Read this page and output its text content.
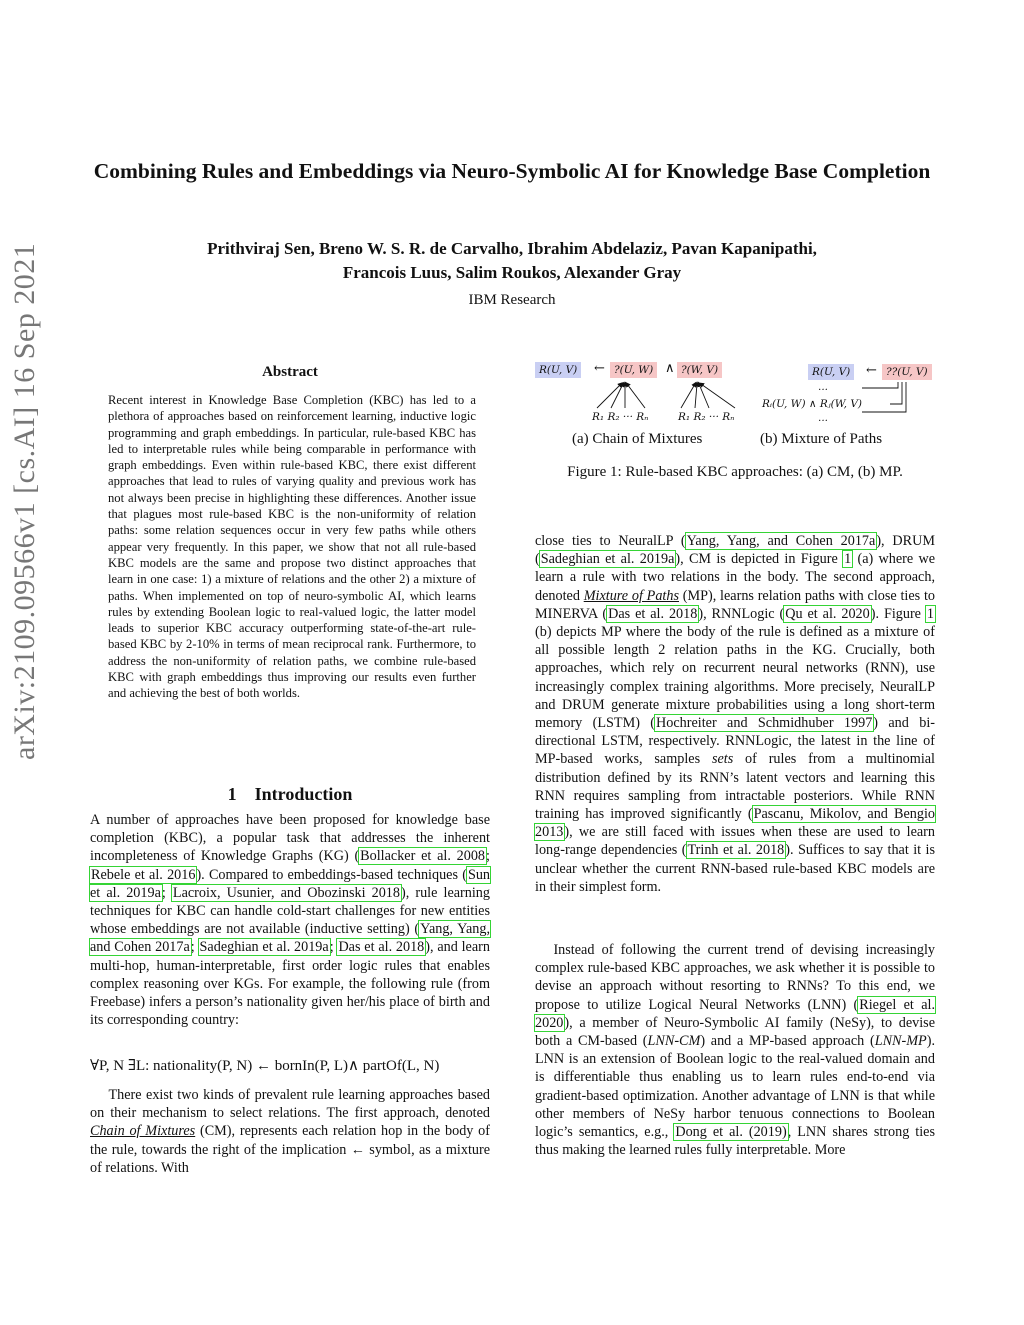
arXiv:2109.09566v1 [cs.AI] 16 Sep 2021
Combining Rules and Embeddings via Neuro-Symbolic AI for Knowledge Base Completion
Prithviraj Sen, Breno W. S. R. de Carvalho, Ibrahim Abdelaziz, Pavan Kapanipathi,
Francois Luus, Salim Roukos, Alexander Gray
IBM Research
Abstract
Recent interest in Knowledge Base Completion (KBC) has led to a plethora of approaches based on reinforcement learning, inductive logic programming and graph embeddings. In particular, rule-based KBC has led to interpretable rules while being comparable in performance with graph embeddings. Even within rule-based KBC, there exist different approaches that lead to rules of varying quality and previous work has not always been precise in highlighting these differences. Another issue that plagues most rule-based KBC is the non-uniformity of relation paths: some relation sequences occur in very few paths while others appear very frequently. In this paper, we show that not all rule-based KBC models are the same and propose two distinct approaches that learn in one case: 1) a mixture of relations and the other 2) a mixture of paths. When implemented on top of neuro-symbolic AI, which learns rules by extending Boolean logic to real-valued logic, the latter model leads to superior KBC accuracy outperforming state-of-the-art rule-based KBC by 2-10% in terms of mean reciprocal rank. Furthermore, to address the non-uniformity of relation paths, we combine rule-based KBC with graph embeddings thus improving our results even further and achieving the best of both worlds.
1 Introduction
A number of approaches have been proposed for knowledge base completion (KBC), a popular task that addresses the inherent incompleteness of Knowledge Graphs (KG) (Bollacker et al. 2008; Rebele et al. 2016). Compared to embeddings-based techniques (Sun et al. 2019a; Lacroix, Usunier, and Obozinski 2018), rule learning techniques for KBC can handle cold-start challenges for new entities whose embeddings are not available (inductive setting) (Yang, Yang, and Cohen 2017a; Sadeghian et al. 2019a; Das et al. 2018), and learn multi-hop, human-interpretable, first order logic rules that enables complex reasoning over KGs. For example, the following rule (from Freebase) infers a person’s nationality given her/his place of birth and its corresponding country:
∀P, N ∃L: nationality(P, N) ← bornIn(P, L)∧ partOf(L, N)
There exist two kinds of prevalent rule learning approaches based on their mechanism to select relations. The first approach, denoted Chain of Mixtures (CM), represents each relation hop in the body of the rule, towards the right of the implication ← symbol, as a mixture of relations. With
R(U, V)	← ?(U, W) ∧ ?(W, V)
R₁ R₂ ··· Rₙ	R₁ R₂ ··· Rₙ
(a) Chain of Mixtures
R(U, V)	← ??(U, V)
...
Rᵢ(U, W) ∧ Rⱼ(W, V)
...
(b) Mixture of Paths
Figure 1: Rule-based KBC approaches: (a) CM, (b) MP.
close ties to NeuralLP (Yang, Yang, and Cohen 2017a), DRUM (Sadeghian et al. 2019a), CM is depicted in Figure 1 (a) where we learn a rule with two relations in the body. The second approach, denoted Mixture of Paths (MP), learns relation paths with close ties to MINERVA (Das et al. 2018), RNNLogic (Qu et al. 2020). Figure 1 (b) depicts MP where the body of the rule is defined as a mixture of all possible length 2 relation paths in the KG. Crucially, both approaches, which rely on recurrent neural networks (RNN), use increasingly complex training algorithms. More precisely, NeuralLP and DRUM generate mixture probabilities using a long short-term memory (LSTM) (Hochreiter and Schmidhuber 1997) and bi-directional LSTM, respectively. RNNLogic, the latest in the line of MP-based works, samples sets of rules from a multinomial distribution defined by its RNN’s latent vectors and learning this RNN requires sampling from intractable posteriors. While RNN training has improved significantly (Pascanu, Mikolov, and Bengio 2013), we are still faced with issues when these are used to learn long-range dependencies (Trinh et al. 2018). Suffices to say that it is unclear whether the current RNN-based rule-based KBC models are in their simplest form.
Instead of following the current trend of devising increasingly complex rule-based KBC approaches, we ask whether it is possible to devise an approach without resorting to RNNs? To this end, we propose to utilize Logical Neural Networks (LNN) (Riegel et al. 2020), a member of Neuro-Symbolic AI family (NeSy), to devise both a CM-based (LNN-CM) and a MP-based approach (LNN-MP). LNN is an extension of Boolean logic to the real-valued domain and is differentiable thus enabling us to learn rules end-to-end via gradient-based optimization. Another advantage of LNN is that while other members of NeSy harbor tenuous connections to Boolean logic’s semantics, e.g., Dong et al. (2019), LNN shares strong ties thus making the learned rules fully interpretable. More
